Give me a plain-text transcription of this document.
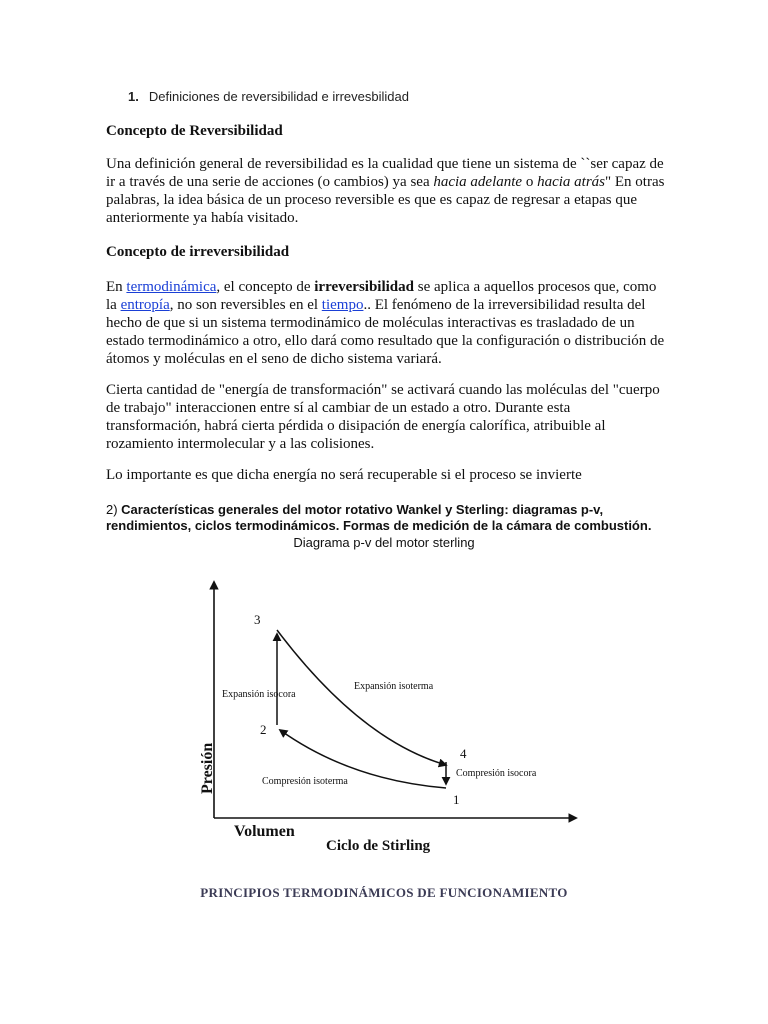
1. Definiciones de reversibilidad e irrevesbilidad
Concepto de Reversibilidad

Una definición general de reversibilidad es la cualidad que tiene un sistema de ``ser capaz de ir a través de una serie de acciones (o cambios) ya sea hacia adelante o hacia atrás" En otras palabras, la idea básica de un proceso reversible es que es capaz de regresar a etapas que anteriormente ya había visitado.

Concepto de irreversibilidad

En termodinámica, el concepto de irreversibilidad se aplica a aquellos procesos que, como la entropía, no son reversibles en el tiempo.. El fenómeno de la irreversibilidad resulta del hecho de que si un sistema termodinámico de moléculas interactivas es trasladado de un estado termodinámico a otro, ello dará como resultado que la configuración o distribución de átomos y moléculas en el seno de dicho sistema variará.

Cierta cantidad de "energía de transformación" se activará cuando las moléculas del "cuerpo de trabajo" interaccionen entre sí al cambiar de un estado a otro. Durante esta transformación, habrá cierta pérdida o disipación de energía calorífica, atribuible al rozamiento intermolecular y a las colisiones.

Lo importante es que dicha energía no será recuperable si el proceso se invierte

2) Características generales del motor rotativo Wankel y Sterling: diagramas p-v, rendimientos, ciclos termodinámicos. Formas de medición de la cámara de combustión.
Diagrama p-v del motor sterling
3
2
4
1
Expansión isocora
Expansión isoterma
Compresión isoterma
Compresión isocora
Presión
Volumen
Ciclo de Stirling
PRINCIPIOS TERMODINÁMICOS DE FUNCIONAMIENTO
